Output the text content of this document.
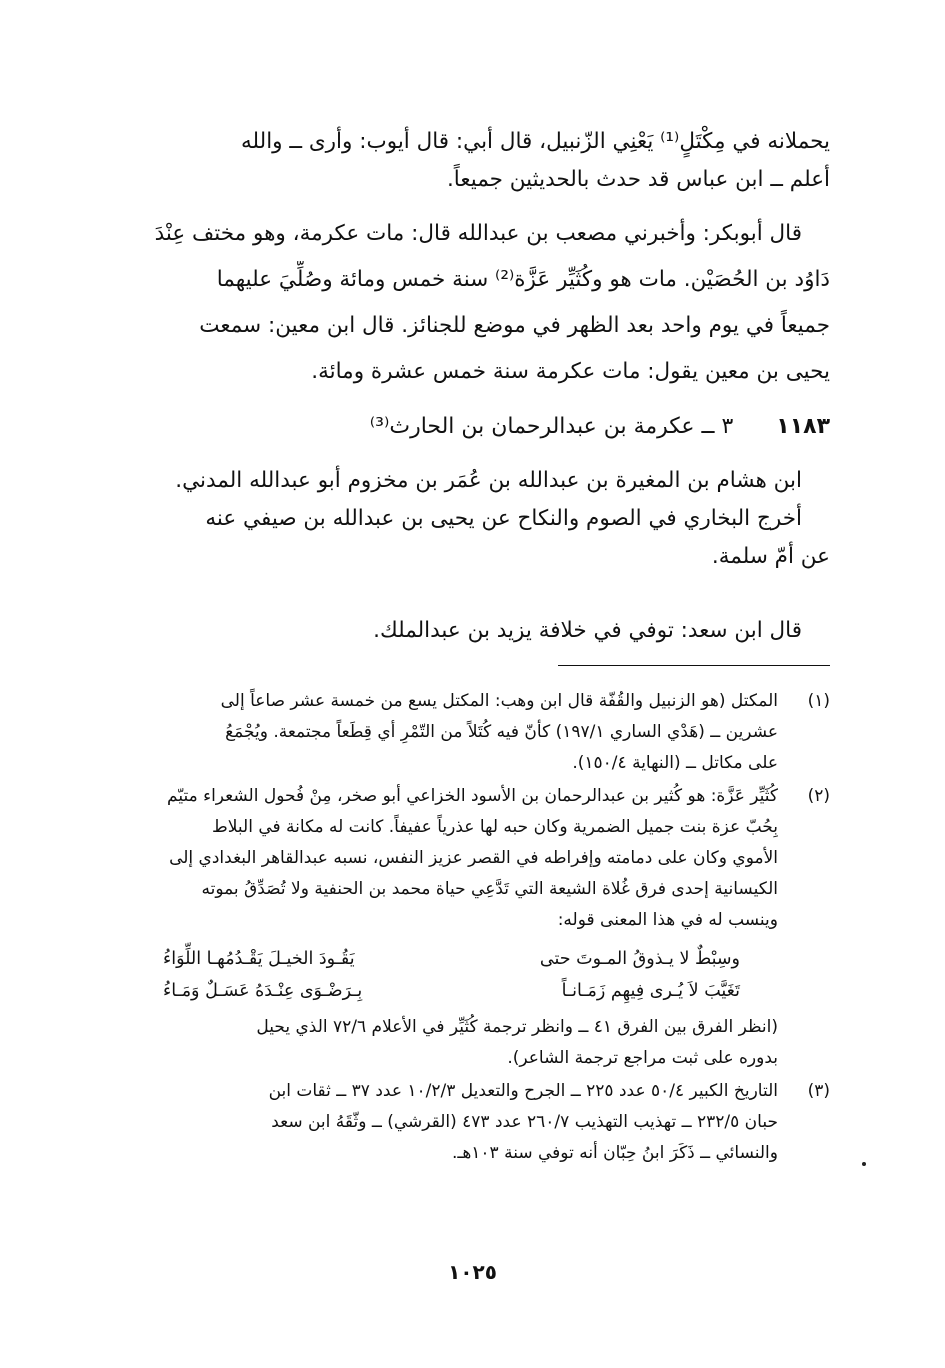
يحملانه في مِكْتَلٍ⁽¹⁾ يَعْنِي الزّنبيل، قال أبي: قال أيوب: وأرى ــ والله
أعلم ــ ابن عباس قد حدث بالحديثين جميعاً.
قال أبوبكر: وأخبرني مصعب بن عبدالله قال: مات عكرمة، وهو مختف عِنْدَ
دَاوُد بن الحُصَيْن. مات هو وكُثَيِّر عَزَّة⁽²⁾ سنة خمس ومائة وصُلِّيَ عليهما
جميعاً في يوم واحد بعد الظهر في موضع للجنائز. قال ابن معين: سمعت
يحيى بن معين يقول: مات عكرمة سنة خمس عشرة ومائة.
١١٨٣ ٣ ــ عكرمة بن عبدالرحمان بن الحارث⁽³⁾
ابن هشام بن المغيرة بن عبدالله بن عُمَر بن مخزوم أبو عبدالله المدني.
أخرج البخاري في الصوم والنكاح عن يحيى بن عبدالله بن صيفي عنه
عن أمّ سلمة.
قال ابن سعد: توفي في خلافة يزيد بن عبدالملك.
(١)
المكتل (هو الزنبيل والقُفّة قال ابن وهب: المكتل يسع من خمسة عشر صاعاً إلى
عشرين ــ (هَدْي الساري ١٩٧/١) كأنّ فيه كُتَلاً من التّمْرِ أي قِطَعاً مجتمعة. ويُجْمَعُ
على مكاتل ــ (النهاية ١٥٠/٤).
(٢)
كُثَيِّر عَزَّة: هو كُثير بن عبدالرحمان بن الأسود الخزاعي أبو صخر، مِنْ فُحول الشعراء متيّم
بِحُبّ عزة بنت جميل الضمرية وكان حبه لها عذرياً عفيفاً. كانت له مكانة في البلاط
الأموي وكان على دمامته وإفراطه في القصر عزيز النفس، نسبه عبدالقاهر البغدادي إلى
الكيسانية إحدى فرق غُلاة الشيعة التي تَدَّعِي حياة محمد بن الحنفية ولا تُصَدِّقُ بموته
وينسب له في هذا المعنى قوله:
وسِبْطٌ لا يـذوقُ المـوتَ حتى
يَقُـودَ الخيـلَ يَقْـدُمُهـا اللِّوَاءُ
تَغَيَّبَ لاَ يُـرى فِيهِم زَمَـانـاً
بِـرَضْـوَى عِنْـدَهُ عَسَـلٌ وَمَـاءُ
(انظر الفرق بين الفرق ٤١ ــ وانظر ترجمة كُثَيِّر في الأعلام ٧٢/٦ الذي يحيل
بدوره على ثبت مراجع ترجمة الشاعر).
(٣)
التاريخ الكبير ٥٠/٤ عدد ٢٢٥ ــ الجرح والتعديل ١٠/٢/٣ عدد ٣٧ ــ ثقات ابن
حبان ٢٣٢/٥ ــ تهذيب التهذيب ٢٦٠/٧ عدد ٤٧٣ (القرشي) ــ وثّقَهُ ابن سعد
والنسائي ــ ذَكَرَ ابنُ حِبّان أنه توفي سنة ١٠٣هـ.
١٠٢٥
